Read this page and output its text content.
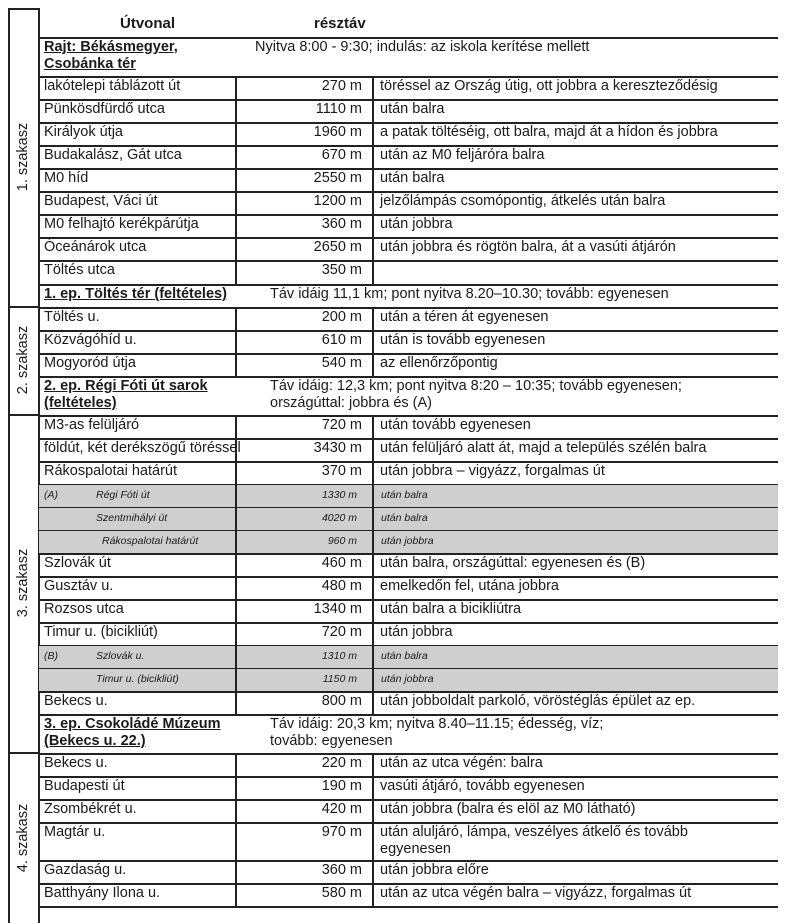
Útvonal	résztáv
1. szakasz
2. szakasz
3. szakasz
4. szakasz
Rajt: Békásmegyer,
Csobánka tér
Nyitva 8:00 - 9:30; indulás: az iskola kerítése mellett
lakótelepi táblázott út	270 m töréssel az Ország útig, ott jobbra a kereszteződésig
Pünkösdfürdő utca	1110 m után balra
Királyok útja	1960 m a patak töltéséig, ott balra, majd át a hídon és jobbra
Budakalász, Gát utca	670 m után az M0 feljáróra balra
M0 híd	2550 m után balra
Budapest, Váci út	1200 m jelzőlámpás csomópontig, átkelés után balra
M0 felhajtó kerékpárútja	360 m után jobbra
Óceánárok utca	2650 m után jobbra és rögtön balra, át a vasúti átjárón
Töltés utca	350 m
1. ep. Töltés tér (feltételes)	Táv idáig 11,1 km; pont nyitva 8.20–10.30; tovább: egyenesen
Töltés u.	200 m után a téren át egyenesen
Közvágóhíd u.	610 m után is tovább egyenesen
Mogyoród útja	540 m az ellenőrzőpontig
2. ep. Régi Fóti út sarok
(feltételes)
Táv idáig: 12,3 km; pont nyitva 8:20 – 10:35; tovább egyenesen;
országúttal: jobbra és (A)
M3-as felüljáró	720 m után tovább egyenesen
földút, két derékszögű töréssel	3430 m után felüljáró alatt át, majd a település szélén balra
Rákospalotai határút	370 m után jobbra – vigyázz, forgalmas út
(A)	Régi Fóti út	1330 m után balra
Szentmihályi út	4020 m után balra
Rákospalotai határút	960 m után jobbra
Szlovák út	460 m után balra, országúttal: egyenesen és (B)
Gusztáv u.	480 m emelkedőn fel, utána jobbra
Rozsos utca	1340 m után balra a bicikliútra
Timur u. (bicikliút)	720 m után jobbra
(B)	Szlovák u.	1310 m után balra
Timur u. (bicikliút)	1150 m után jobbra
Bekecs u.	800 m után jobboldalt parkoló, vöröstéglás épület az ep.
3. ep. Csokoládé Múzeum
(Bekecs u. 22.)
Táv idáig: 20,3 km; nyitva 8.40–11.15; édesség, víz;
tovább: egyenesen
Bekecs u.	220 m után az utca végén: balra
Budapesti út	190 m vasúti átjáró, tovább egyenesen
Zsombékrét u.	420 m után jobbra (balra és elöl az M0 látható)
Magtár u.	970 m után aluljáró, lámpa, veszélyes átkelő és tovább
egyenesen
Gazdaság u.	360 m után jobbra előre
Batthyány Ilona u.	580 m után az utca végén balra – vigyázz, forgalmas út
